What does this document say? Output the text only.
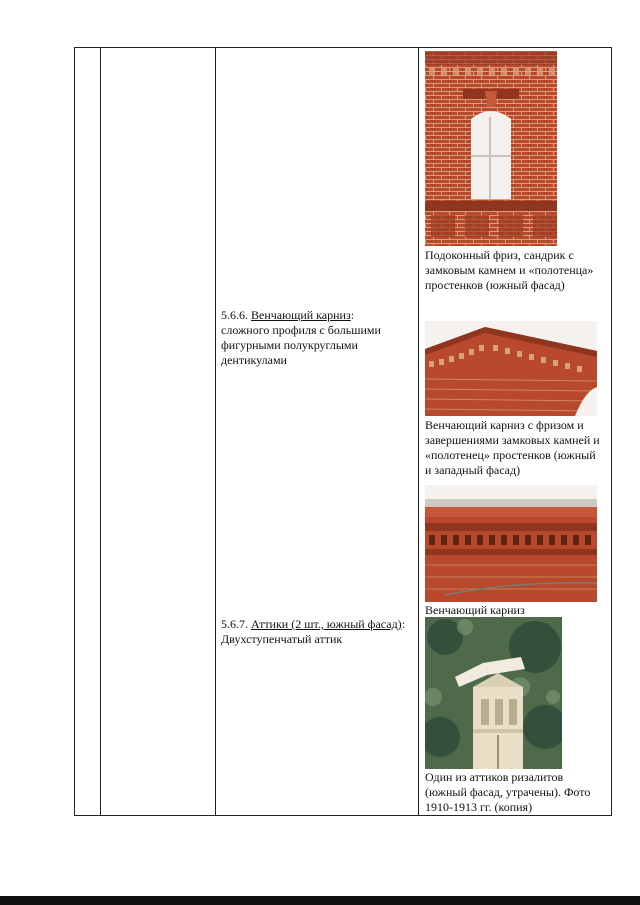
5.6.6. Венчающий карниз:
сложного профиля с большими фигурными полукруглыми дентикулами
5.6.7. Аттики (2 шт., южный фасад):
Двухступенчатый аттик
Подоконный фриз, сандрик с замковым камнем и «полотенца» простенков (южный фасад)
Венчающий карниз с фризом и завершениями замковых камней и «полотенец» простенков (южный и западный фасад)
Венчающий карниз
Один из аттиков ризалитов (южный фасад, утрачены). Фото 1910-1913 гг. (копия)
